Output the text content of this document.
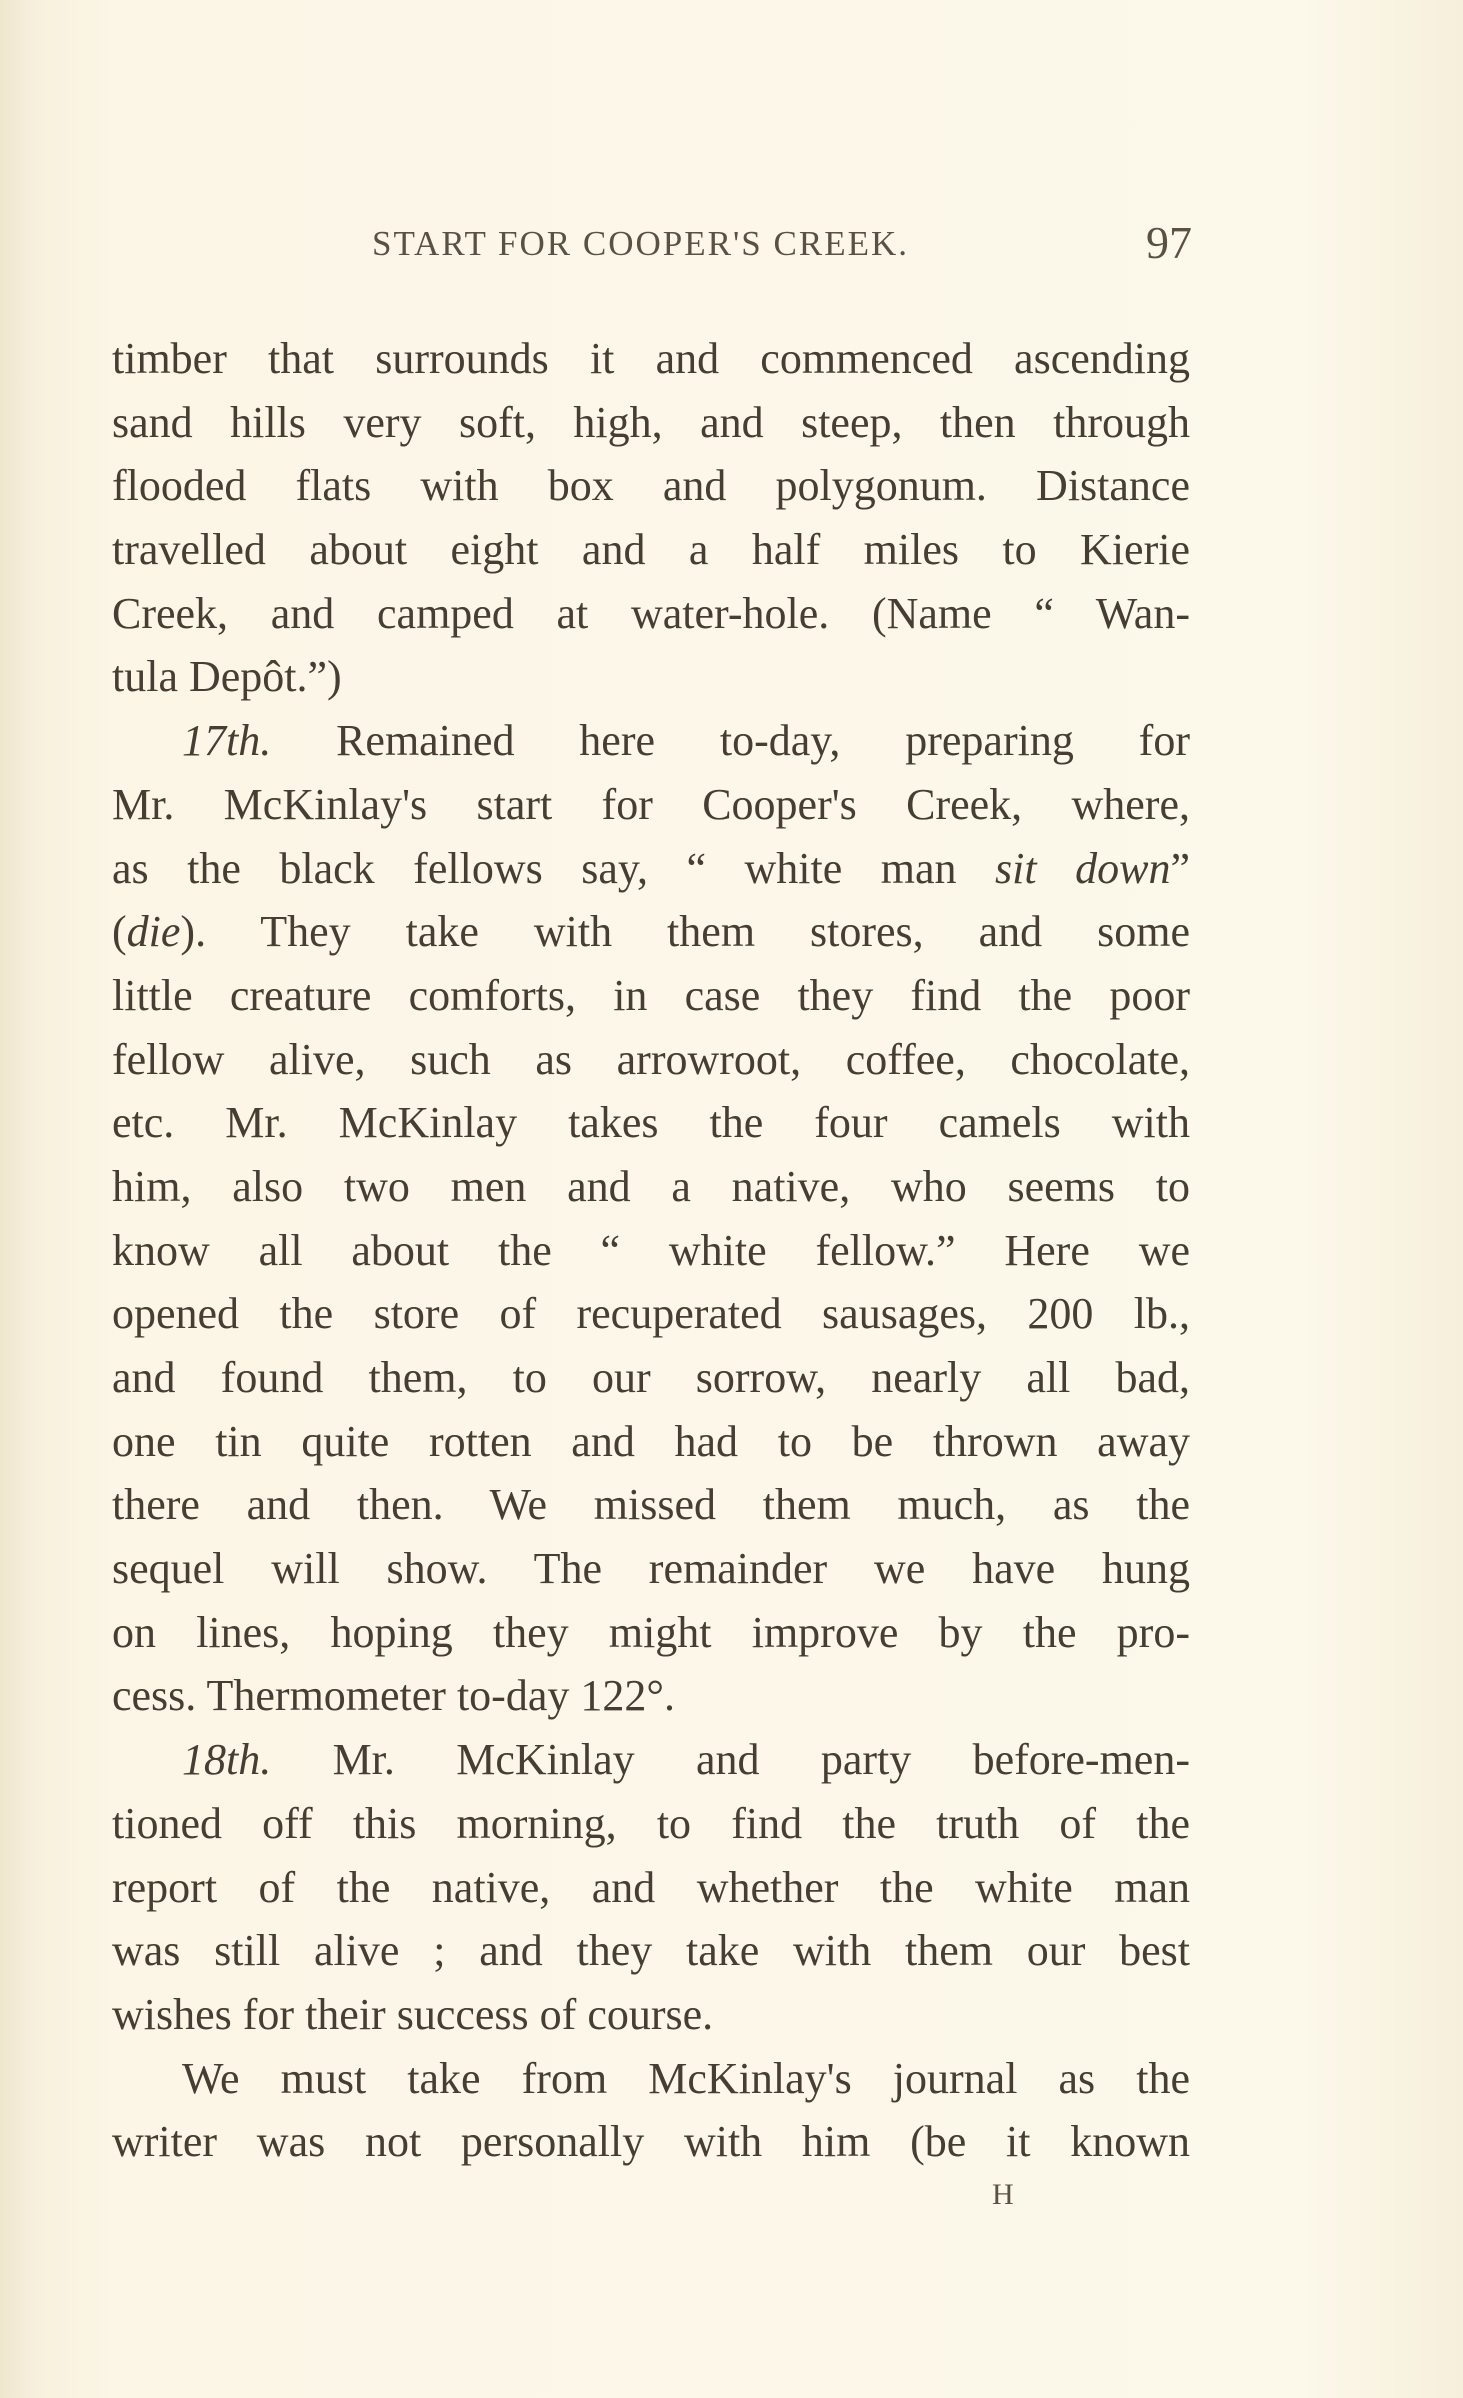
START FOR COOPER'S CREEK.	97
timber that surrounds it and commenced ascending
sand hills very soft, high, and steep, then through
flooded flats with box and polygonum. Distance
travelled about eight and a half miles to Kierie
Creek, and camped at water-hole. (Name “ Wan-
tula Depôt.”)
17th. Remained here to-day, preparing for
Mr. McKinlay's start for Cooper's Creek, where,
as the black fellows say, “ white man sit down”
(die). They take with them stores, and some
little creature comforts, in case they find the poor
fellow alive, such as arrowroot, coffee, chocolate,
etc. Mr. McKinlay takes the four camels with
him, also two men and a native, who seems to
know all about the “ white fellow.” Here we
opened the store of recuperated sausages, 200 lb.,
and found them, to our sorrow, nearly all bad,
one tin quite rotten and had to be thrown away
there and then. We missed them much, as the
sequel will show. The remainder we have hung
on lines, hoping they might improve by the pro-
cess. Thermometer to-day 122°.
18th. Mr. McKinlay and party before-men-
tioned off this morning, to find the truth of the
report of the native, and whether the white man
was still alive ; and they take with them our best
wishes for their success of course.
We must take from McKinlay's journal as the
writer was not personally with him (be it known
H
